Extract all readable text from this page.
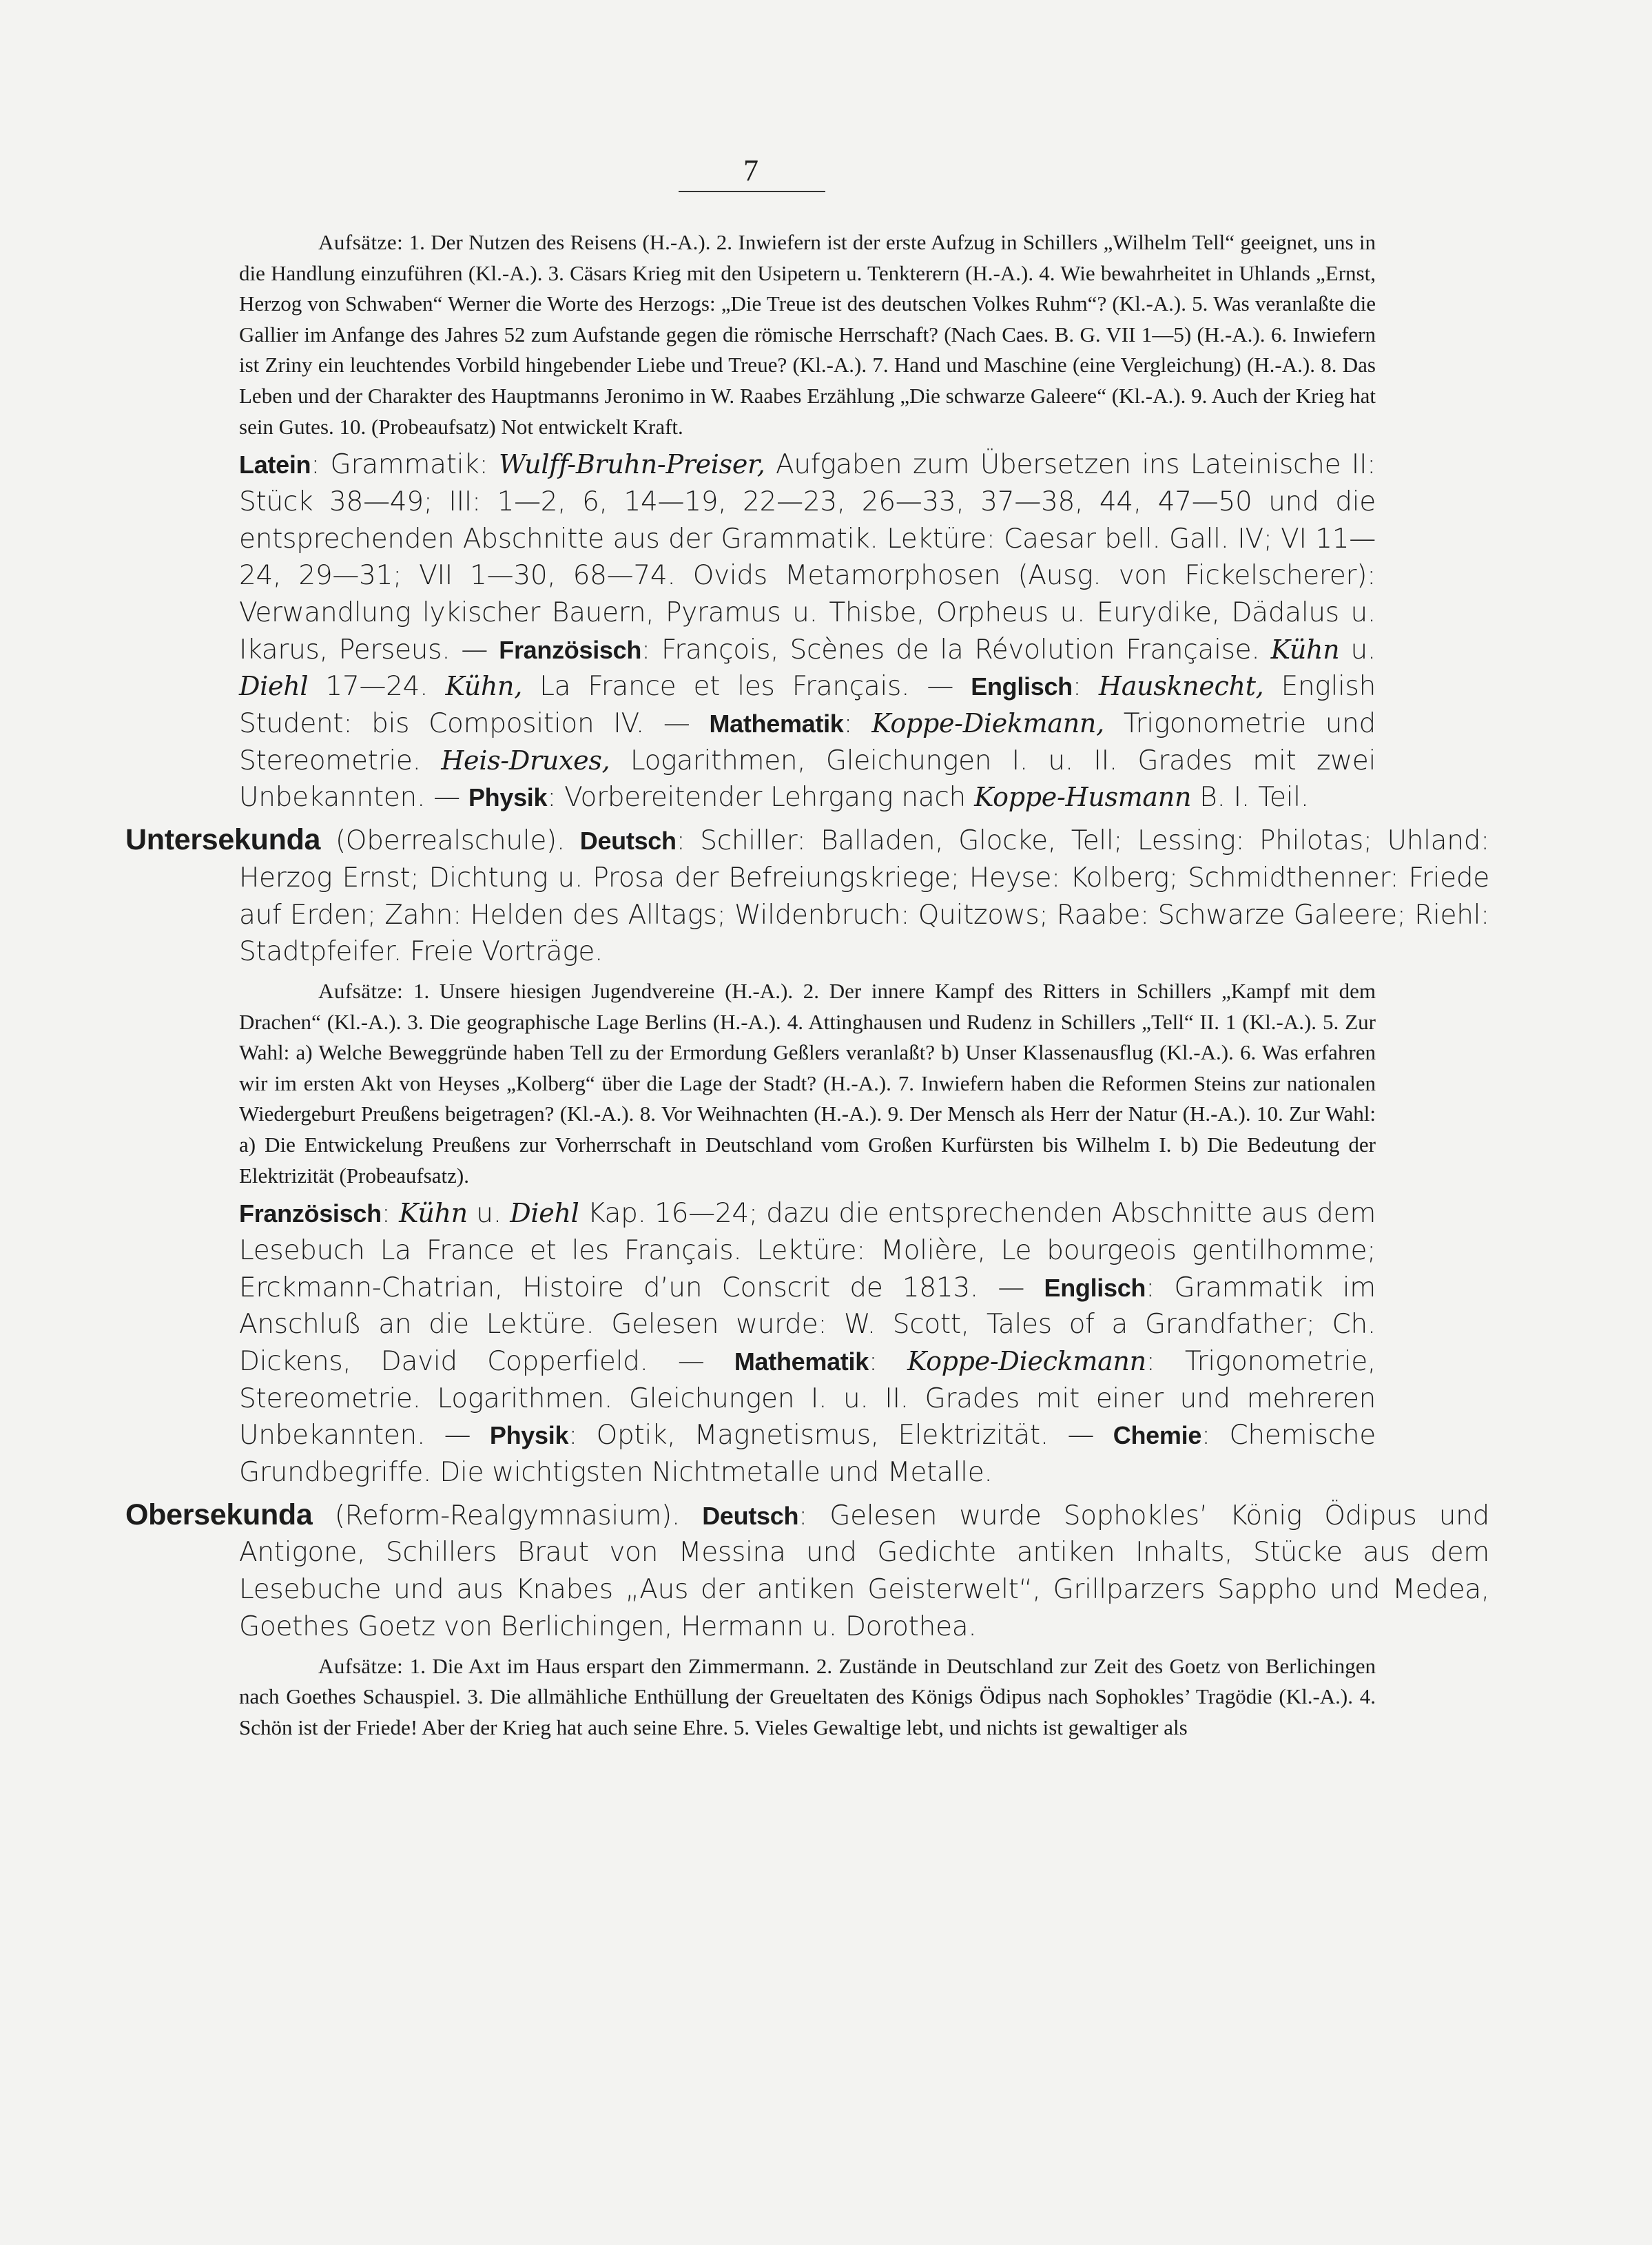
7

Aufsätze: 1. Der Nutzen des Reisens (H.-A.). 2. Inwiefern ist der erste Aufzug in Schillers „Wilhelm Tell“ geeignet, uns in die Handlung einzuführen (Kl.-A.). 3. Cäsars Krieg mit den Usipetern u. Tenkterern (H.-A.). 4. Wie bewahrheitet in Uhlands „Ernst, Herzog von Schwaben“ Werner die Worte des Herzogs: „Die Treue ist des deutschen Volkes Ruhm“? (Kl.-A.). 5. Was veranlaßte die Gallier im Anfange des Jahres 52 zum Aufstande gegen die römische Herrschaft? (Nach Caes. B. G. VII 1—5) (H.-A.). 6. Inwiefern ist Zriny ein leuchtendes Vorbild hingebender Liebe und Treue? (Kl.-A.). 7. Hand und Maschine (eine Vergleichung) (H.-A.). 8. Das Leben und der Charakter des Hauptmanns Jeronimo in W. Raabes Erzählung „Die schwarze Galeere“ (Kl.-A.). 9. Auch der Krieg hat sein Gutes. 10. (Probeaufsatz) Not entwickelt Kraft.

Latein: Grammatik: Wulff-Bruhn-Preiser, Aufgaben zum Übersetzen ins Lateinische II: Stück 38—49; III: 1—2, 6, 14—19, 22—23, 26—33, 37—38, 44, 47—50 und die entsprechenden Abschnitte aus der Grammatik. Lektüre: Caesar bell. Gall. IV; VI 11—24, 29—31; VII 1—30, 68—74. Ovids Metamorphosen (Ausg. von Fickelscherer): Verwandlung lykischer Bauern, Pyramus u. Thisbe, Orpheus u. Eurydike, Dädalus u. Ikarus, Perseus. — Französisch: François, Scènes de la Révolution Française. Kühn u. Diehl 17—24. Kühn, La France et les Français. — Englisch: Hausknecht, English Student: bis Composition IV. — Mathematik: Koppe-Diekmann, Trigonometrie und Stereometrie. Heis-Druxes, Logarithmen, Gleichungen I. u. II. Grades mit zwei Unbekannten. — Physik: Vorbereitender Lehrgang nach Koppe-Husmann B. I. Teil.

Untersekunda (Oberrealschule). Deutsch: Schiller: Balladen, Glocke, Tell; Lessing: Philotas; Uhland: Herzog Ernst; Dichtung u. Prosa der Befreiungskriege; Heyse: Kolberg; Schmidthenner: Friede auf Erden; Zahn: Helden des Alltags; Wildenbruch: Quitzows; Raabe: Schwarze Galeere; Riehl: Stadtpfeifer. Freie Vorträge.

Aufsätze: 1. Unsere hiesigen Jugendvereine (H.-A.). 2. Der innere Kampf des Ritters in Schillers „Kampf mit dem Drachen“ (Kl.-A.). 3. Die geographische Lage Berlins (H.-A.). 4. Attinghausen und Rudenz in Schillers „Tell“ II. 1 (Kl.-A.). 5. Zur Wahl: a) Welche Beweggründe haben Tell zu der Ermordung Geßlers veranlaßt? b) Unser Klassenausflug (Kl.-A.). 6. Was erfahren wir im ersten Akt von Heyses „Kolberg“ über die Lage der Stadt? (H.-A.). 7. Inwiefern haben die Reformen Steins zur nationalen Wiedergeburt Preußens beigetragen? (Kl.-A.). 8. Vor Weihnachten (H.-A.). 9. Der Mensch als Herr der Natur (H.-A.). 10. Zur Wahl: a) Die Entwickelung Preußens zur Vorherrschaft in Deutschland vom Großen Kurfürsten bis Wilhelm I. b) Die Bedeutung der Elektrizität (Probeaufsatz).

Französisch: Kühn u. Diehl Kap. 16—24; dazu die entsprechenden Abschnitte aus dem Lesebuch La France et les Français. Lektüre: Molière, Le bourgeois gentilhomme; Erckmann-Chatrian, Histoire d’un Conscrit de 1813. — Englisch: Grammatik im Anschluß an die Lektüre. Gelesen wurde: W. Scott, Tales of a Grandfather; Ch. Dickens, David Copperfield. — Mathematik: Koppe-Dieckmann: Trigonometrie, Stereometrie. Logarithmen. Gleichungen I. u. II. Grades mit einer und mehreren Unbekannten. — Physik: Optik, Magnetismus, Elektrizität. — Chemie: Chemische Grundbegriffe. Die wichtigsten Nichtmetalle und Metalle.

Obersekunda (Reform-Realgymnasium). Deutsch: Gelesen wurde Sophokles’ König Ödipus und Antigone, Schillers Braut von Messina und Gedichte antiken Inhalts, Stücke aus dem Lesebuche und aus Knabes „Aus der antiken Geisterwelt“, Grillparzers Sappho und Medea, Goethes Goetz von Berlichingen, Hermann u. Dorothea.

Aufsätze: 1. Die Axt im Haus erspart den Zimmermann. 2. Zustände in Deutschland zur Zeit des Goetz von Berlichingen nach Goethes Schauspiel. 3. Die allmähliche Enthüllung der Greueltaten des Königs Ödipus nach Sophokles’ Tragödie (Kl.-A.). 4. Schön ist der Friede! Aber der Krieg hat auch seine Ehre. 5. Vieles Gewaltige lebt, und nichts ist gewaltiger als
